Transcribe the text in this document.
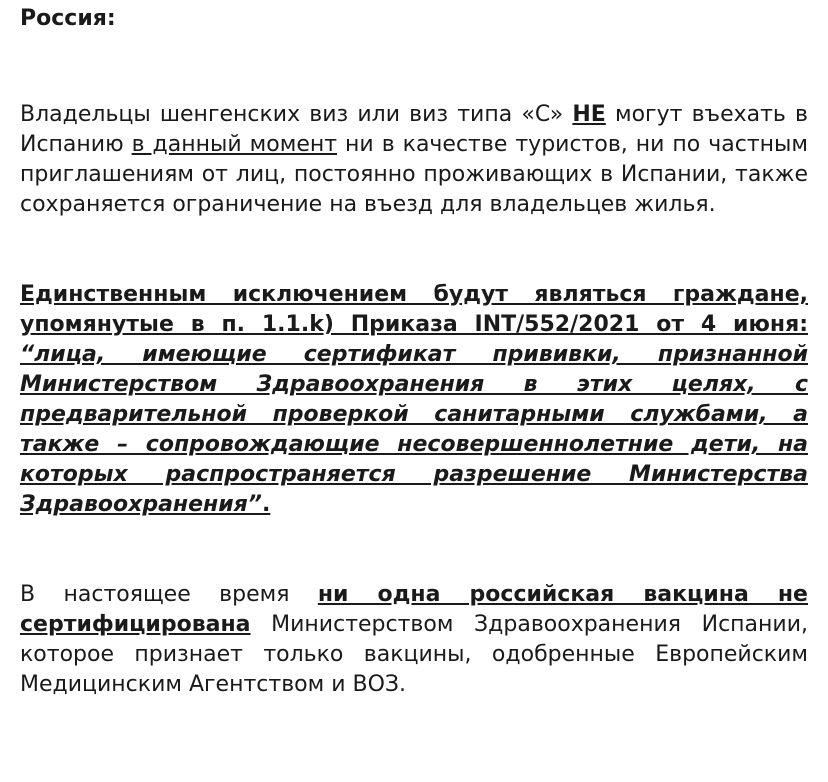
Россия:

Владельцы шенгенских виз или виз типа «C» НЕ могут въехать в Испанию в данный момент ни в качестве туристов, ни по частным приглашениям от лиц, постоянно проживающих в Испании, также сохраняется ограничение на въезд для владельцев жилья.

Единственным исключением будут являться граждане, упомянутые в п. 1.1.k) Приказа INT/552/2021 от 4 июня: “лица, имеющие сертификат прививки, признанной Министерством Здравоохранения в этих целях, с предварительной проверкой санитарными службами, а также – сопровождающие несовершеннолетние дети, на которых распространяется разрешение Министерства Здравоохранения”.

В настоящее время ни одна российская вакцина не сертифицирована Министерством Здравоохранения Испании, которое признает только вакцины, одобренные Европейским Медицинским Агентством и ВОЗ.
